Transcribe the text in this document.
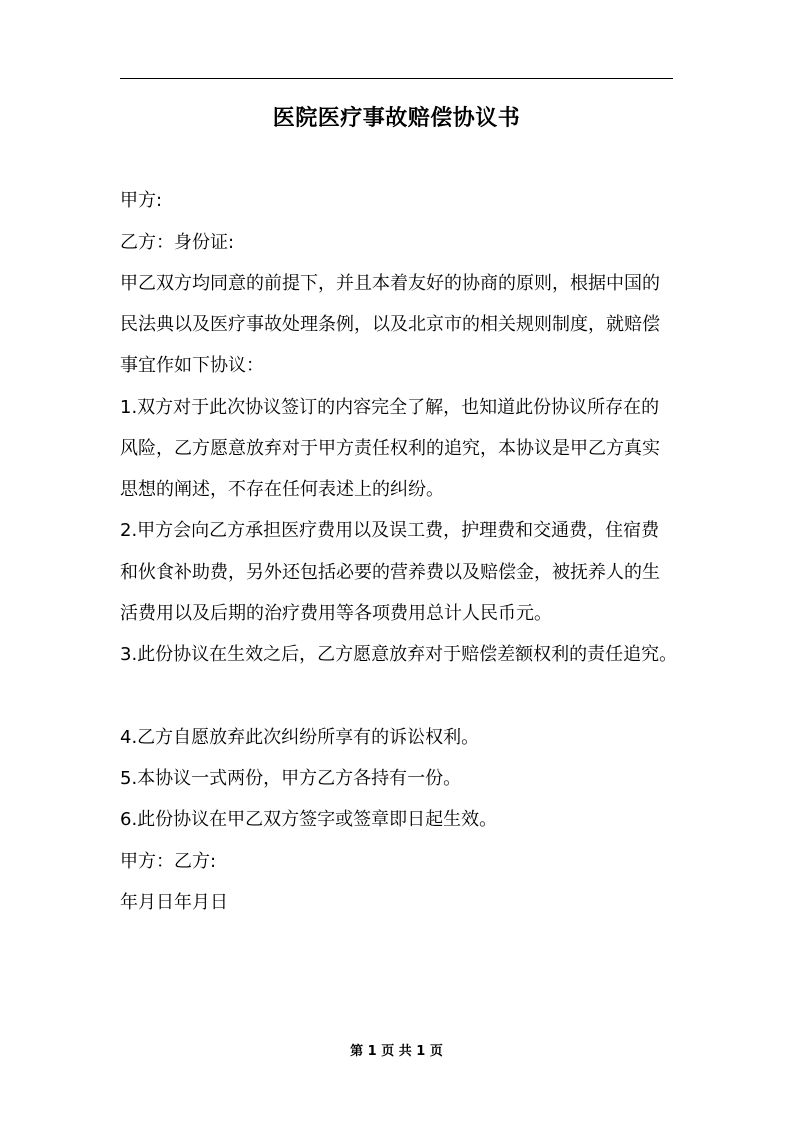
医院医疗事故赔偿协议书
甲方:
乙方：身份证:
甲乙双方均同意的前提下，并且本着友好的协商的原则，根据中国的
民法典以及医疗事故处理条例，以及北京市的相关规则制度，就赔偿
事宜作如下协议：
1.双方对于此次协议签订的内容完全了解，也知道此份协议所存在的
风险，乙方愿意放弃对于甲方责任权利的追究，本协议是甲乙方真实
思想的阐述，不存在任何表述上的纠纷。
2.甲方会向乙方承担医疗费用以及误工费，护理费和交通费，住宿费
和伙食补助费，另外还包括必要的营养费以及赔偿金，被抚养人的生
活费用以及后期的治疗费用等各项费用总计人民币元。
3.此份协议在生效之后，乙方愿意放弃对于赔偿差额权利的责任追究。
4.乙方自愿放弃此次纠纷所享有的诉讼权利。
5.本协议一式两份，甲方乙方各持有一份。
6.此份协议在甲乙双方签字或签章即日起生效。
甲方：乙方:
年月日年月日
第 1 页 共 1 页
